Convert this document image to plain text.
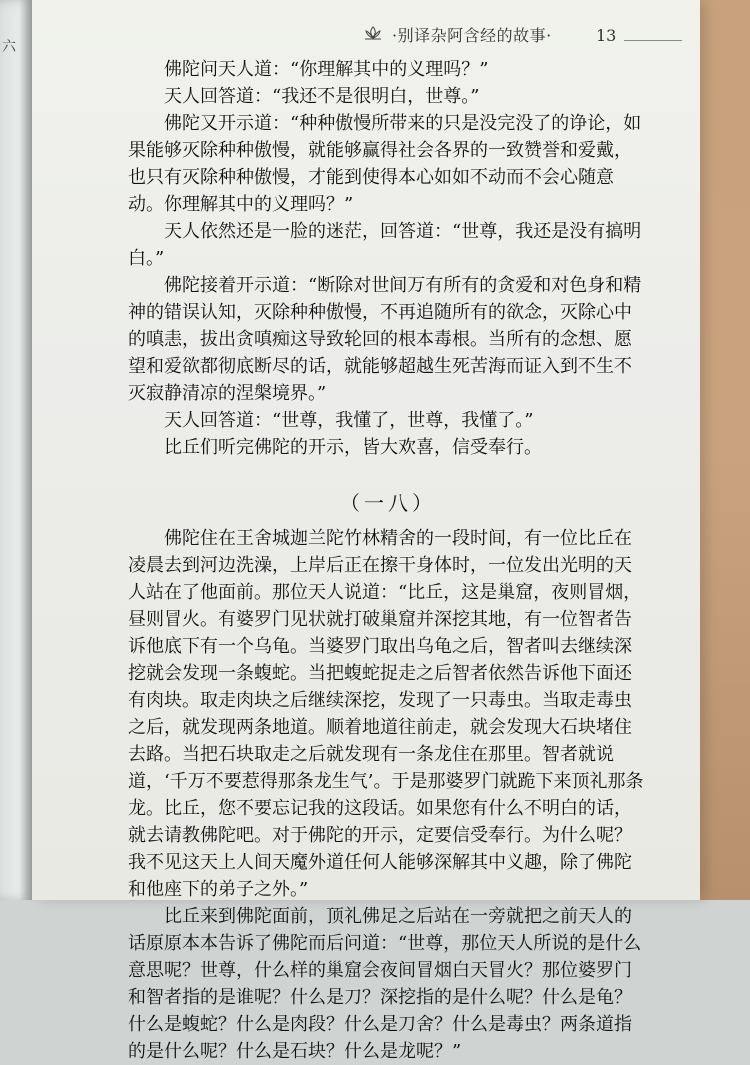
六
·别译杂阿含经的故事·	13

佛陀问天人道：“你理解其中的义理吗？”

天人回答道：“我还不是很明白，世尊。”

佛陀又开示道：“种种傲慢所带来的只是没完没了的诤论，如果能够灭除种种傲慢，就能够赢得社会各界的一致赞誉和爱戴，也只有灭除种种傲慢，才能到使得本心如如不动而不会心随意动。你理解其中的义理吗？”

天人依然还是一脸的迷茫，回答道：“世尊，我还是没有搞明白。”

佛陀接着开示道：“断除对世间万有所有的贪爱和对色身和精神的错误认知，灭除种种傲慢，不再追随所有的欲念，灭除心中的嗔恚，拔出贪嗔痴这导致轮回的根本毒根。当所有的念想、愿望和爱欲都彻底断尽的话，就能够超越生死苦海而证入到不生不灭寂静清凉的涅槃境界。”

天人回答道：“世尊，我懂了，世尊，我懂了。”

比丘们听完佛陀的开示，皆大欢喜，信受奉行。

（一八）

佛陀住在王舍城迦兰陀竹林精舍的一段时间，有一位比丘在凌晨去到河边洗澡，上岸后正在擦干身体时，一位发出光明的天人站在了他面前。那位天人说道：“比丘，这是巢窟，夜则冒烟，昼则冒火。有婆罗门见状就打破巢窟并深挖其地，有一位智者告诉他底下有一个乌龟。当婆罗门取出乌龟之后，智者叫去继续深挖就会发现一条蝮蛇。当把蝮蛇捉走之后智者依然告诉他下面还有肉块。取走肉块之后继续深挖，发现了一只毒虫。当取走毒虫之后，就发现两条地道。顺着地道往前走，就会发现大石块堵住去路。当把石块取走之后就发现有一条龙住在那里。智者就说道，‘千万不要惹得那条龙生气’。于是那婆罗门就跪下来顶礼那条龙。比丘，您不要忘记我的这段话。如果您有什么不明白的话，就去请教佛陀吧。对于佛陀的开示，定要信受奉行。为什么呢？我不见这天上人间天魔外道任何人能够深解其中义趣，除了佛陀和他座下的弟子之外。”

比丘来到佛陀面前，顶礼佛足之后站在一旁就把之前天人的话原原本本告诉了佛陀而后问道：“世尊，那位天人所说的是什么意思呢？世尊，什么样的巢窟会夜间冒烟白天冒火？那位婆罗门和智者指的是谁呢？什么是刀？深挖指的是什么呢？什么是龟？什么是蝮蛇？什么是肉段？什么是刀舍？什么是毒虫？两条道指的是什么呢？什么是石块？什么是龙呢？”
